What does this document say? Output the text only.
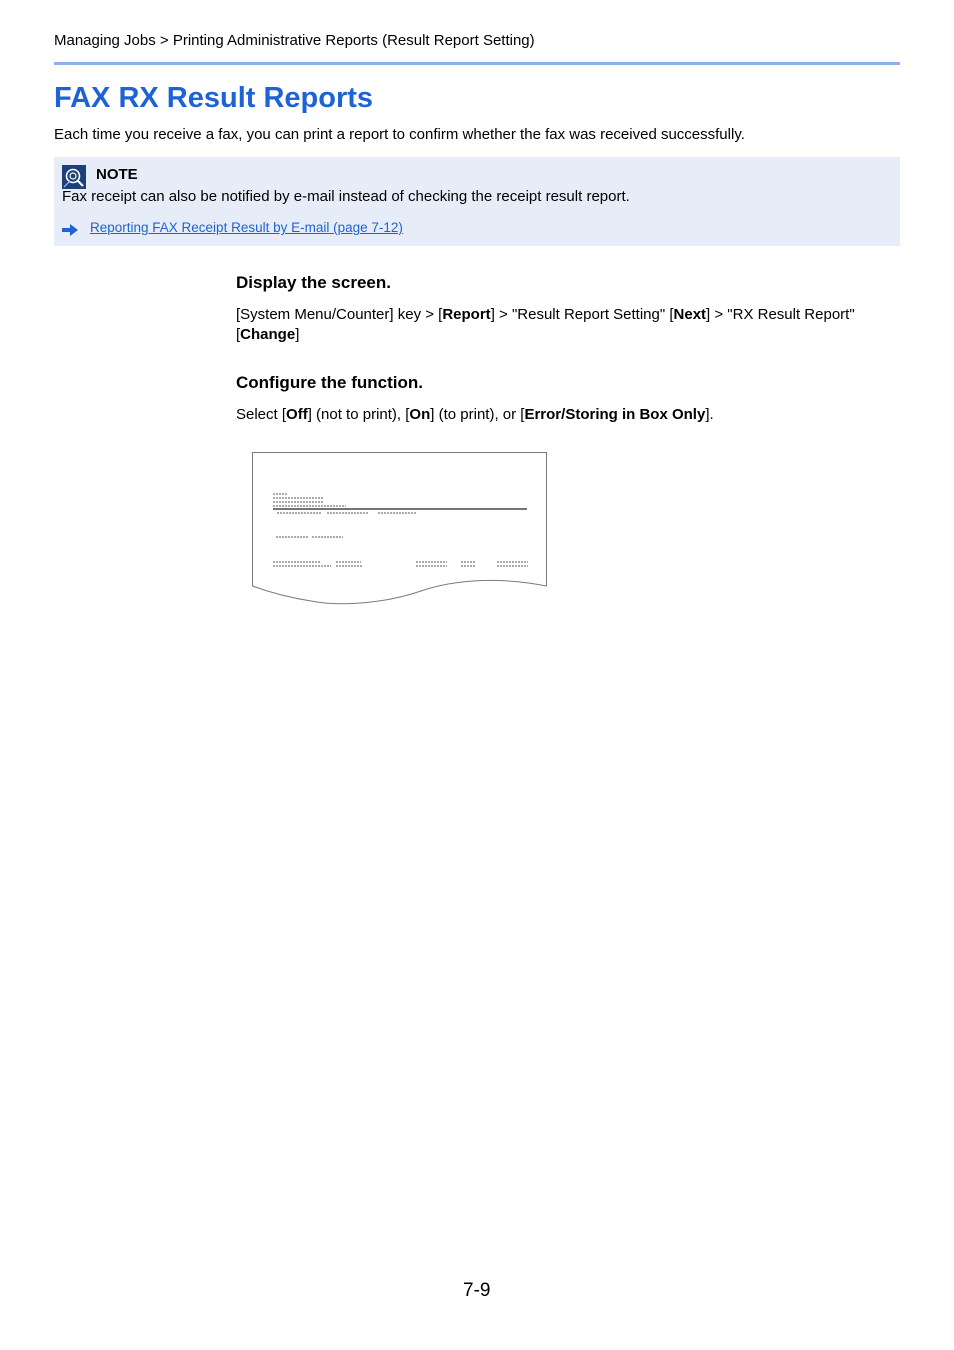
Managing Jobs > Printing Administrative Reports (Result Report Setting)
FAX RX Result Reports
Each time you receive a fax, you can print a report to confirm whether the fax was received successfully.
NOTE
Fax receipt can also be notified by e-mail instead of checking the receipt result report.
Reporting FAX Receipt Result by E-mail (page 7-12)
Display the screen.
[System Menu/Counter] key > [Report] > "Result Report Setting" [Next] > "RX Result Report"
[Change]
Configure the function.
Select [Off] (not to print), [On] (to print), or [Error/Storing in Box Only].
7-9
